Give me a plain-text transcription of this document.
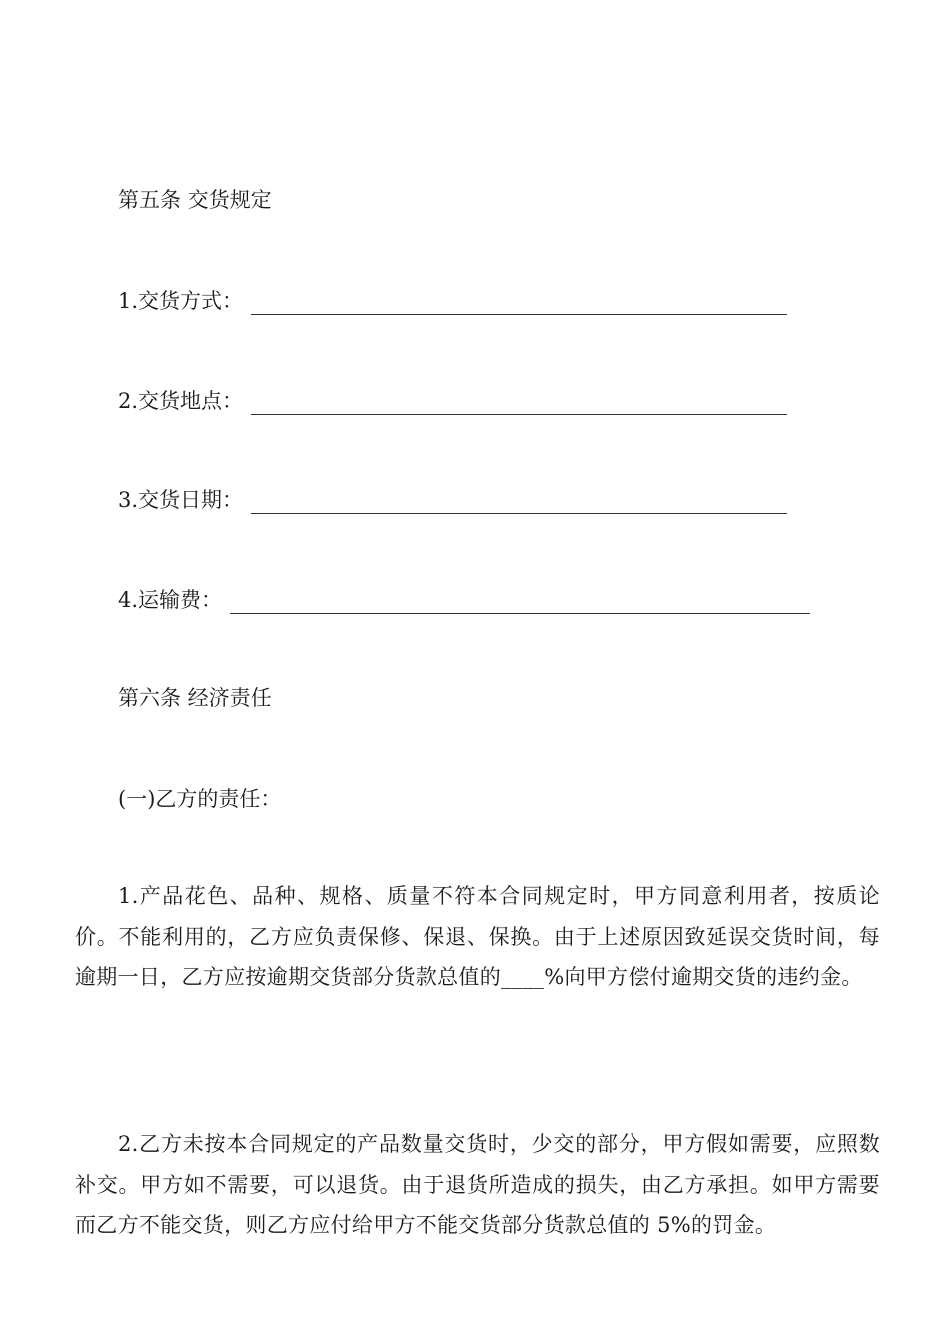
第五条 交货规定
1.交货方式：
2.交货地点：
3.交货日期：
4.运输费：
第六条 经济责任
(一)乙方的责任：
1.产品花色、品种、规格、质量不符本合同规定时，甲方同意利用者，按质论价。不能利用的，乙方应负责保修、保退、保换。由于上述原因致延误交货时间，每逾期一日，乙方应按逾期交货部分货款总值的____%向甲方偿付逾期交货的违约金。
2.乙方未按本合同规定的产品数量交货时，少交的部分，甲方假如需要，应照数补交。甲方如不需要，可以退货。由于退货所造成的损失，由乙方承担。如甲方需要而乙方不能交货，则乙方应付给甲方不能交货部分货款总值的 5%的罚金。
